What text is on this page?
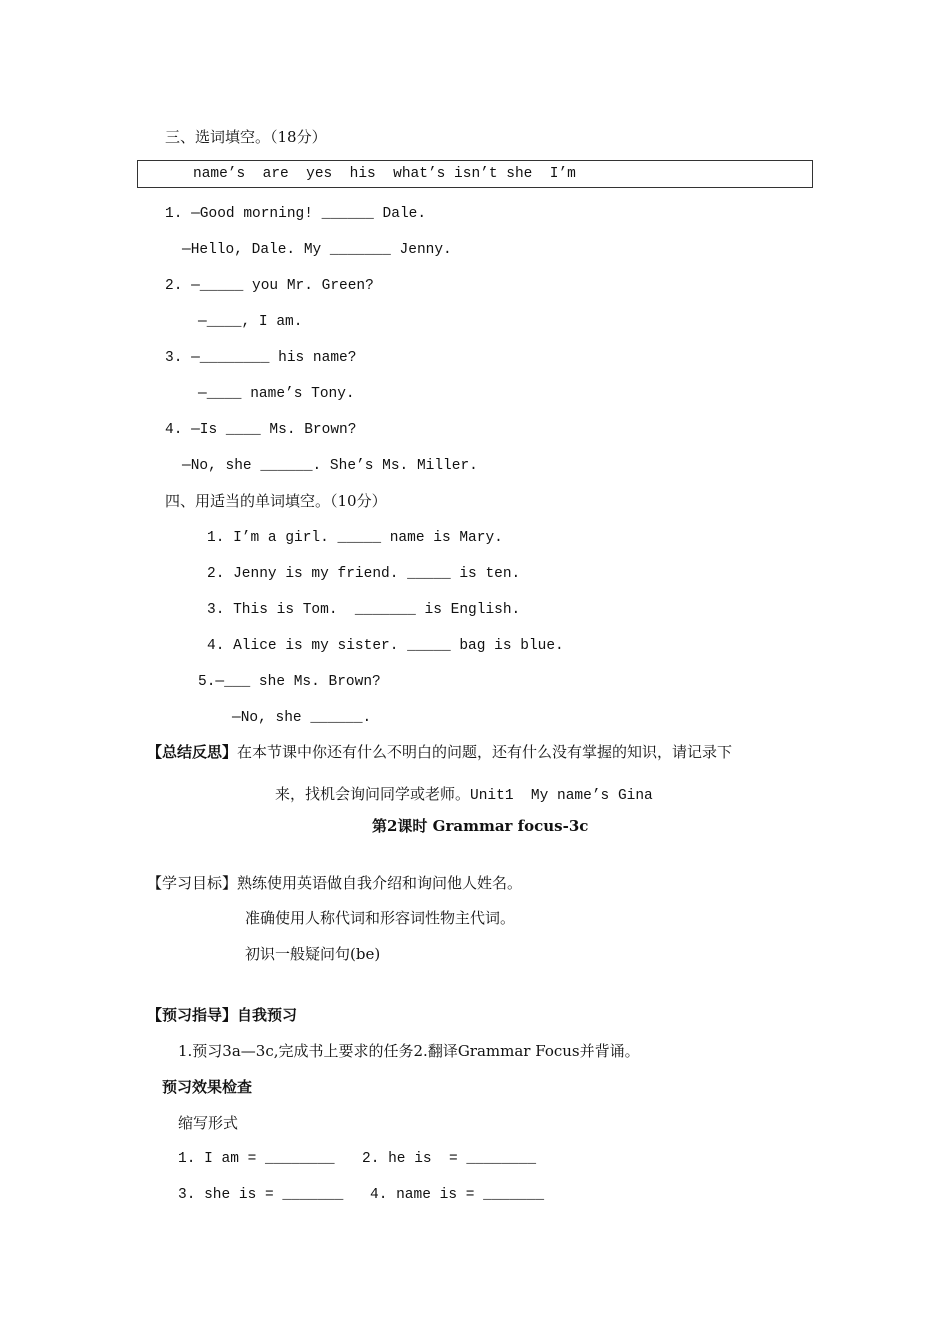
三、选词填空。（18分）
name’s  are  yes  his  what’s isn’t she  I’m
1. —Good morning! ______ Dale.
—Hello, Dale. My _______ Jenny.
2. —_____ you Mr. Green?
—____, I am.
3. —________ his name?
—____ name’s Tony.
4. —Is ____ Ms. Brown?
—No, she ______. She’s Ms. Miller.
四、用适当的单词填空。（10分）
1. I’m a girl. _____ name is Mary.
2. Jenny is my friend. _____ is ten.
3. This is Tom.  _______ is English.
4. Alice is my sister. _____ bag is blue.
5.—___ she Ms. Brown?
—No, she ______.
【总结反思】在本节课中你还有什么不明白的问题，还有什么没有掌握的知识，请记录下
来，找机会询问同学或老师。Unit1  My name’s Gina
第2课时 Grammar focus-3c
【学习目标】熟练使用英语做自我介绍和询问他人姓名。
准确使用人称代词和形容词性物主代词。
初识一般疑问句(be)
【预习指导】自我预习
1.预习3a—3c,完成书上要求的任务2.翻译Grammar Focus并背诵。
预习效果检查
缩写形式
1. I am = ________ 2. he is  = ________
3. she is = _______ 4. name is = _______
